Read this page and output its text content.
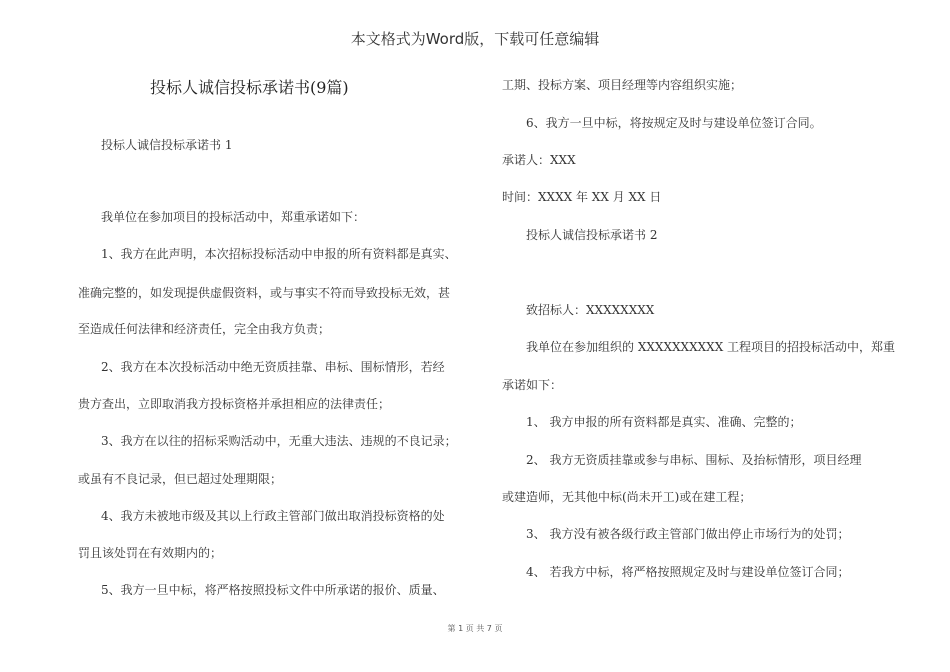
本文格式为Word版，下载可任意编辑

投标人诚信投标承诺书(9篇)

投标人诚信投标承诺书 1

我单位在参加项目的投标活动中，郑重承诺如下：

1、我方在此声明，本次招标投标活动中申报的所有资料都是真实、

准确完整的，如发现提供虚假资料，或与事实不符而导致投标无效，甚

至造成任何法律和经济责任，完全由我方负责；

2、我方在本次投标活动中绝无资质挂靠、串标、围标情形，若经

贵方查出，立即取消我方投标资格并承担相应的法律责任；

3、我方在以往的招标采购活动中，无重大违法、违规的不良记录；

或虽有不良记录，但已超过处理期限；

4、我方未被地市级及其以上行政主管部门做出取消投标资格的处

罚且该处罚在有效期内的；

5、我方一旦中标，将严格按照投标文件中所承诺的报价、质量、

工期、投标方案、项目经理等内容组织实施；

6、我方一旦中标，将按规定及时与建设单位签订合同。

承诺人：XXX

时间：XXXX 年 XX 月 XX 日

投标人诚信投标承诺书 2

致招标人：XXXXXXXX

我单位在参加组织的 XXXXXXXXXX 工程项目的招投标活动中，郑重

承诺如下：

1、 我方申报的所有资料都是真实、准确、完整的；

2、 我方无资质挂靠或参与串标、围标、及抬标情形，项目经理

或建造师，无其他中标(尚未开工)或在建工程；

3、 我方没有被各级行政主管部门做出停止市场行为的处罚；

4、 若我方中标，将严格按照规定及时与建设单位签订合同；

第 1 页 共 7 页
